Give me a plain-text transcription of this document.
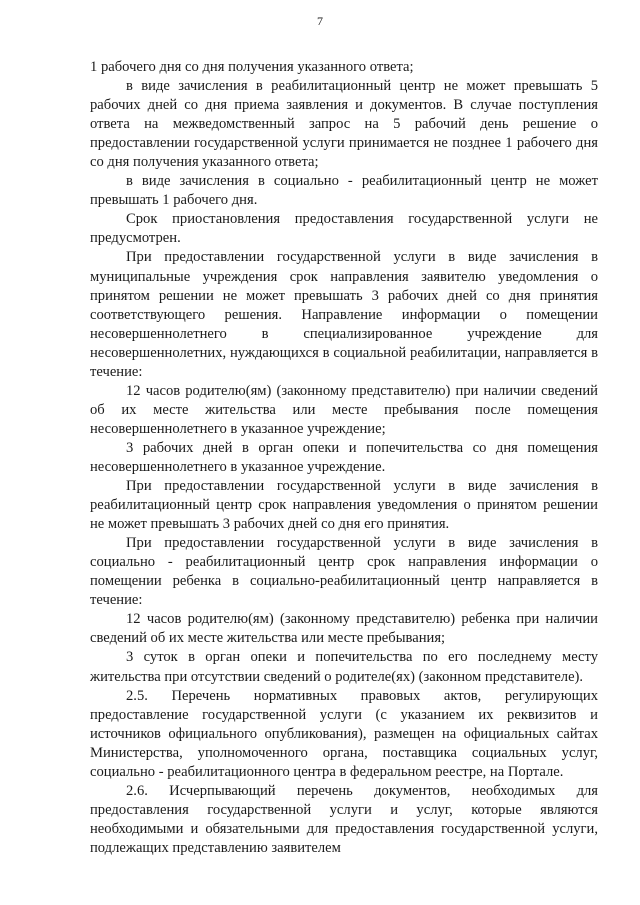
7

1 рабочего дня со дня получения указанного ответа;

в виде зачисления в реабилитационный центр не может превышать 5 рабочих дней со дня приема заявления и документов. В случае поступления ответа на межведомственный запрос на 5 рабочий день решение о предоставлении государственной услуги принимается не позднее 1 рабочего дня со дня получения указанного ответа;

в виде зачисления в социально - реабилитационный центр не может превышать 1 рабочего дня.

Срок приостановления предоставления государственной услуги не предусмотрен.

При предоставлении государственной услуги в виде зачисления в муниципальные учреждения срок направления заявителю уведомления о принятом решении не может превышать 3 рабочих дней со дня принятия соответствующего решения. Направление информации о помещении несовершеннолетнего в специализированное учреждение для несовершеннолетних, нуждающихся в социальной реабилитации, направляется в течение:

12 часов родителю(ям) (законному представителю) при наличии сведений об их месте жительства или месте пребывания после помещения несовершеннолетнего в указанное учреждение;

3 рабочих дней в орган опеки и попечительства со дня помещения несовершеннолетнего в указанное учреждение.

При предоставлении государственной услуги в виде зачисления в реабилитационный центр срок направления уведомления о принятом решении не может превышать 3 рабочих дней со дня его принятия.

При предоставлении государственной услуги в виде зачисления в социально - реабилитационный центр срок направления информации о помещении ребенка в социально-реабилитационный центр направляется в течение:

12 часов родителю(ям) (законному представителю) ребенка при наличии сведений об их месте жительства или месте пребывания;

3 суток в орган опеки и попечительства по его последнему месту жительства при отсутствии сведений о родителе(ях) (законном представителе).

2.5. Перечень нормативных правовых актов, регулирующих предоставление государственной услуги (с указанием их реквизитов и источников официального опубликования), размещен на официальных сайтах Министерства, уполномоченного органа, поставщика социальных услуг, социально - реабилитационного центра в федеральном реестре, на Портале.

2.6. Исчерпывающий перечень документов, необходимых для предоставления государственной услуги и услуг, которые являются необходимыми и обязательными для предоставления государственной услуги, подлежащих представлению заявителем
